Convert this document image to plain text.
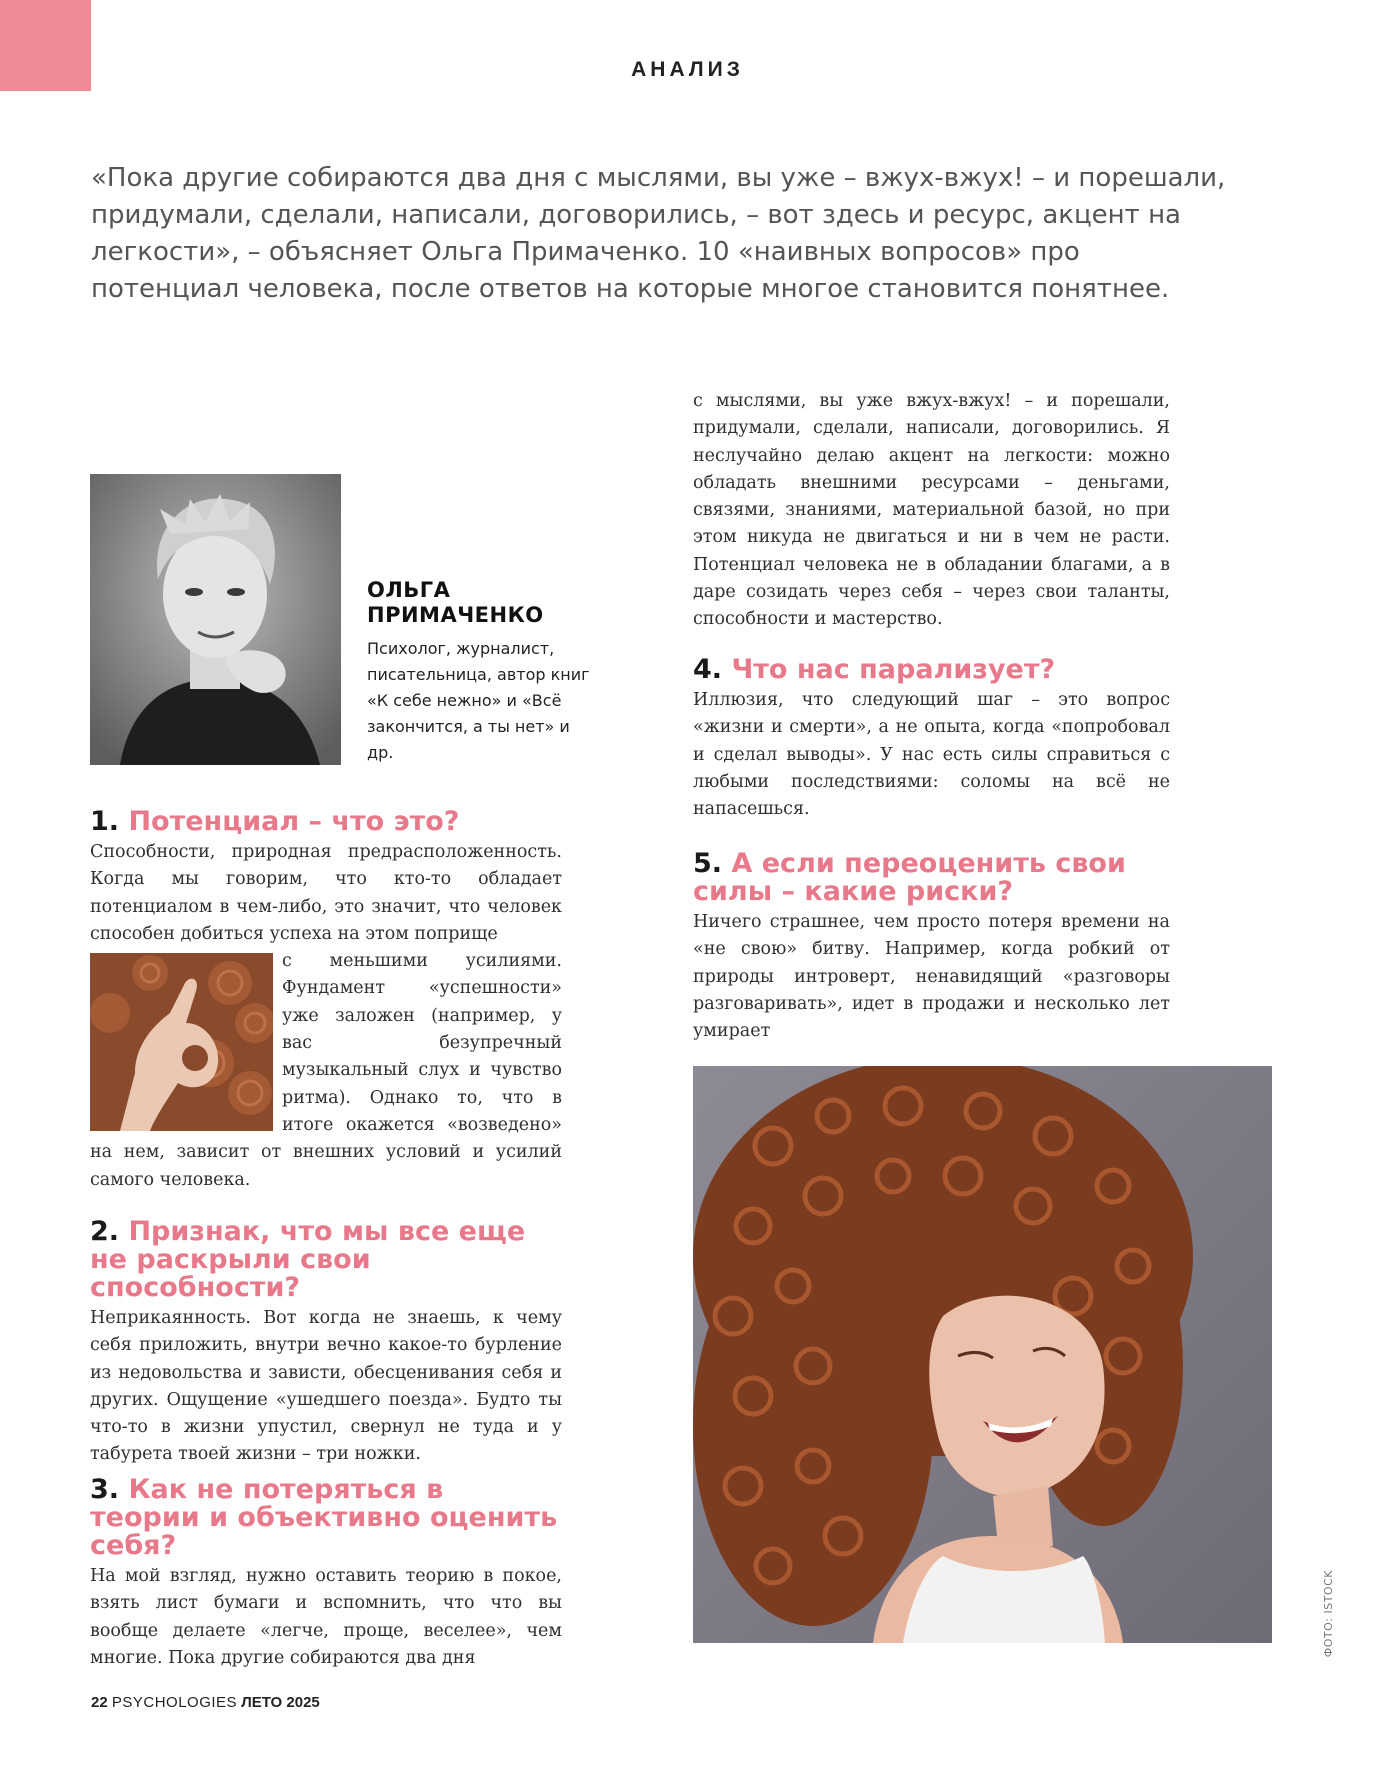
АНАЛИЗ
«Пока другие собираются два дня с мыслями, вы уже – вжух-вжух! – и порешали, придумали, сделали, написали, договорились, – вот здесь и ресурс, акцент на легкости», – объясняет Ольга Примаченко. 10 «наивных вопросов» про потенциал человека, после ответов на которые многое становится понятнее.
ОЛЬГА
ПРИМАЧЕНКО
Психолог, журналист, писательница, автор книг «К себе нежно» и «Всё закончится, а ты нет» и др.
1. Потенциал – что это?

Способности, природная предрасположенность. Когда мы говорим, что кто-то обладает потенциалом в чем-либо, это значит, что человек способен добиться успеха на этом поприще

с меньшими усилиями. Фундамент «успешности» уже заложен (например, у вас безупречный музыкальный слух и чувство ритма). Однако то, что в итоге окажется «возведено» на нем, зависит от внешних условий и усилий самого человека.

2. Признак, что мы все еще не раскрыли свои способности?

Неприкаянность. Вот когда не знаешь, к чему себя приложить, внутри вечно какое-то бурление из недовольства и зависти, обесценивания себя и других. Ощущение «ушедшего поезда». Будто ты что-то в жизни упустил, свернул не туда и у табурета твоей жизни – три ножки.

3. Как не потеряться в теории и объективно оценить себя?

На мой взгляд, нужно оставить теорию в покое, взять лист бумаги и вспомнить, что что вы вообще делаете «легче, проще, веселее», чем многие. Пока другие собираются два дня

с мыслями, вы уже вжух-вжух! – и порешали, придумали, сделали, написали, договорились. Я неслучайно делаю акцент на легкости: можно обладать внешними ресурсами – деньгами, связями, знаниями, материальной базой, но при этом никуда не двигаться и ни в чем не расти. Потенциал человека не в обладании благами, а в даре созидать через себя – через свои таланты, способности и мастерство.

4. Что нас парализует?

Иллюзия, что следующий шаг – это вопрос «жизни и смерти», а не опыта, когда «попробовал и сделал выводы». У нас есть силы справиться с любыми последствиями: соломы на всё не напасешься.

5. А если переоценить свои силы – какие риски?

Ничего страшнее, чем просто потеря времени на «не свою» битву. Например, когда робкий от природы интроверт, ненавидящий «разговоры разговаривать», идет в продажи и несколько лет умирает

ФОТО: ISTOCK
22 PSYCHOLOGIES ЛЕТО 2025
